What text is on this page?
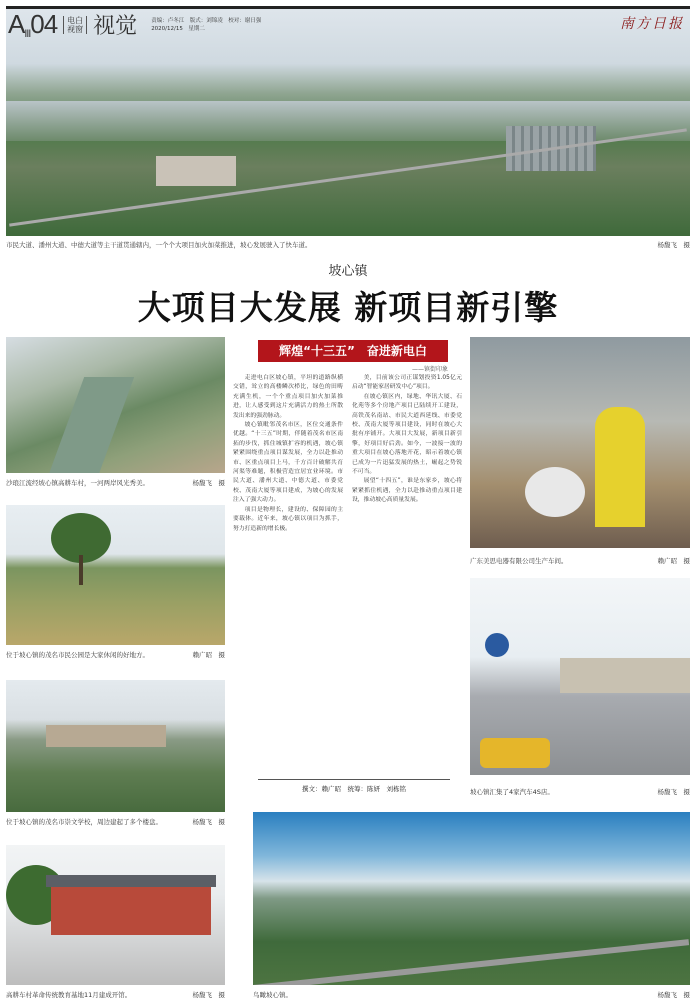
AⅢ04	电白
视窗 视觉	责编：卢冬江　版式：刘锦凌　校对：谢日强
2020/12/15　星期二	南方日报
市民大道、潘州大道、中德大道等主干道贯通辖内，一个个大项目加火加菜推进，坡心发展驶入了快车道。	杨馥飞　摄
坡心镇
大项目大发展 新项目新引擎
沙琅江流经坡心镇高耕车村，一河两岸风光秀美。	杨馥飞　摄
位于坡心镇的茂名市民公园是大家休闲的好地方。	赖广昭　摄
位于坡心镇的茂名市崇文学校，周边建起了多个楼盘。	杨馥飞　摄
高耕车村革命传统教育基地11月建成开馆。	杨馥飞　摄
辉煌“十三五”　奋进新电白
——镇街印象

走进电白区坡心镇，平坦的道路纵横交错，耸立的高楼鳞次栉比，绿色的田畴充满生机，一个个重点项目加火加菜推进，让人感受到这片充满活力的热土所散发出来的强劲脉动。

坡心镇毗邻茂名市区，区位交通条件优越。“十三五”时期，伴随着茂名市区南拓的步伐，抓住城镇扩容的机遇，坡心镇紧紧围绕重点项目谋发展，全力以赴推动市、区重点项目上马，千方百计破解共育河渠等难题，积极营造宜居宜业环境。市民大道、潘州大道、中德大道、市委党校、茂南大厦等项目建成，为坡心的发展注入了强大动力。

项目是物理长，建设的、保障园的主要载体。近年来，坡心镇以项目为抓手，努力打造新的增长极。

美，目前该公司正谋划投资1.05亿元启动“智能家居研发中心”项目。

在坡心镇区内，绿地、华讯大厦、石化苑等多个房地产项目已陆续开工建设，高铁茂名南站、市民大道西延线、市委党校、茂南大厦等项目建设，同时在坡心大批有序铺开。大项目大发展，新项目新引擎，好项目好后劲。如今，一波接一波的重大项目在坡心落地开花，昭示着坡心镇已成为一片迅猛发展的热土，崛起之势锐不可当。

展望“十四五”，谁是东家乡，坡心将紧紧抓住机遇，全力以赴推动重点项目建设，推动坡心高质量发展。

撰文：赖广昭　统筹：陈妍　刘栋铭
广东美思电器有限公司生产车间。	赖广昭　摄
坡心镇汇集了4家汽车4S店。	杨馥飞　摄
鸟瞰坡心镇。	杨馥飞　摄
